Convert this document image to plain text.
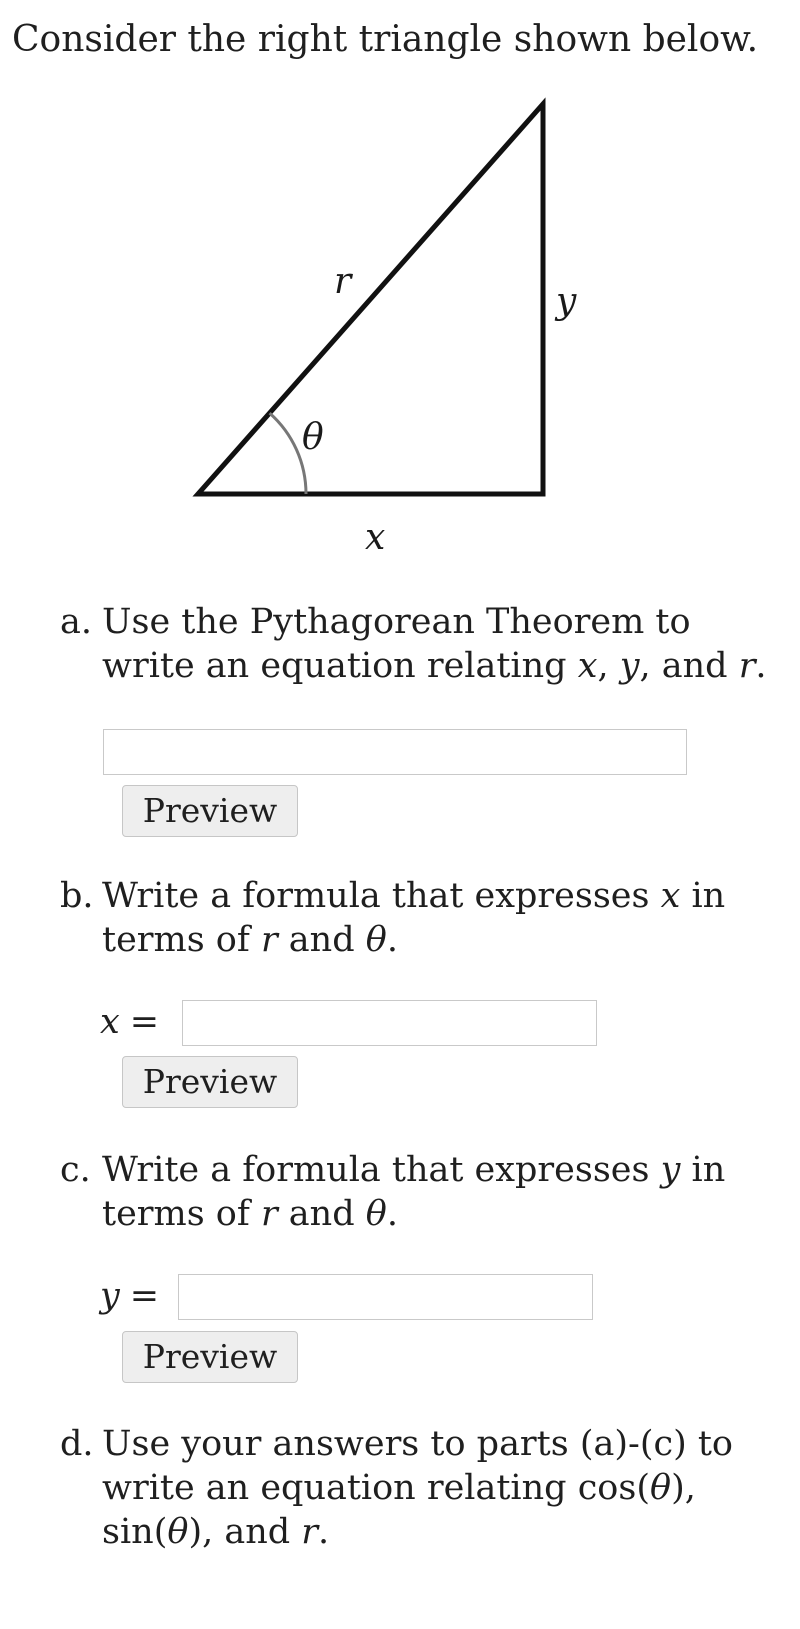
Consider the right triangle shown below.
r	y
x
θ
a. Use the Pythagorean Theorem to write an equation relating x, y, and r.
Preview
b. Write a formula that expresses x in terms of r and θ.
x =
Preview
c. Write a formula that expresses y in terms of r and θ.
y =
Preview
d. Use your answers to parts (a)-(c) to write an equation relating cos(θ), sin(θ), and r.
